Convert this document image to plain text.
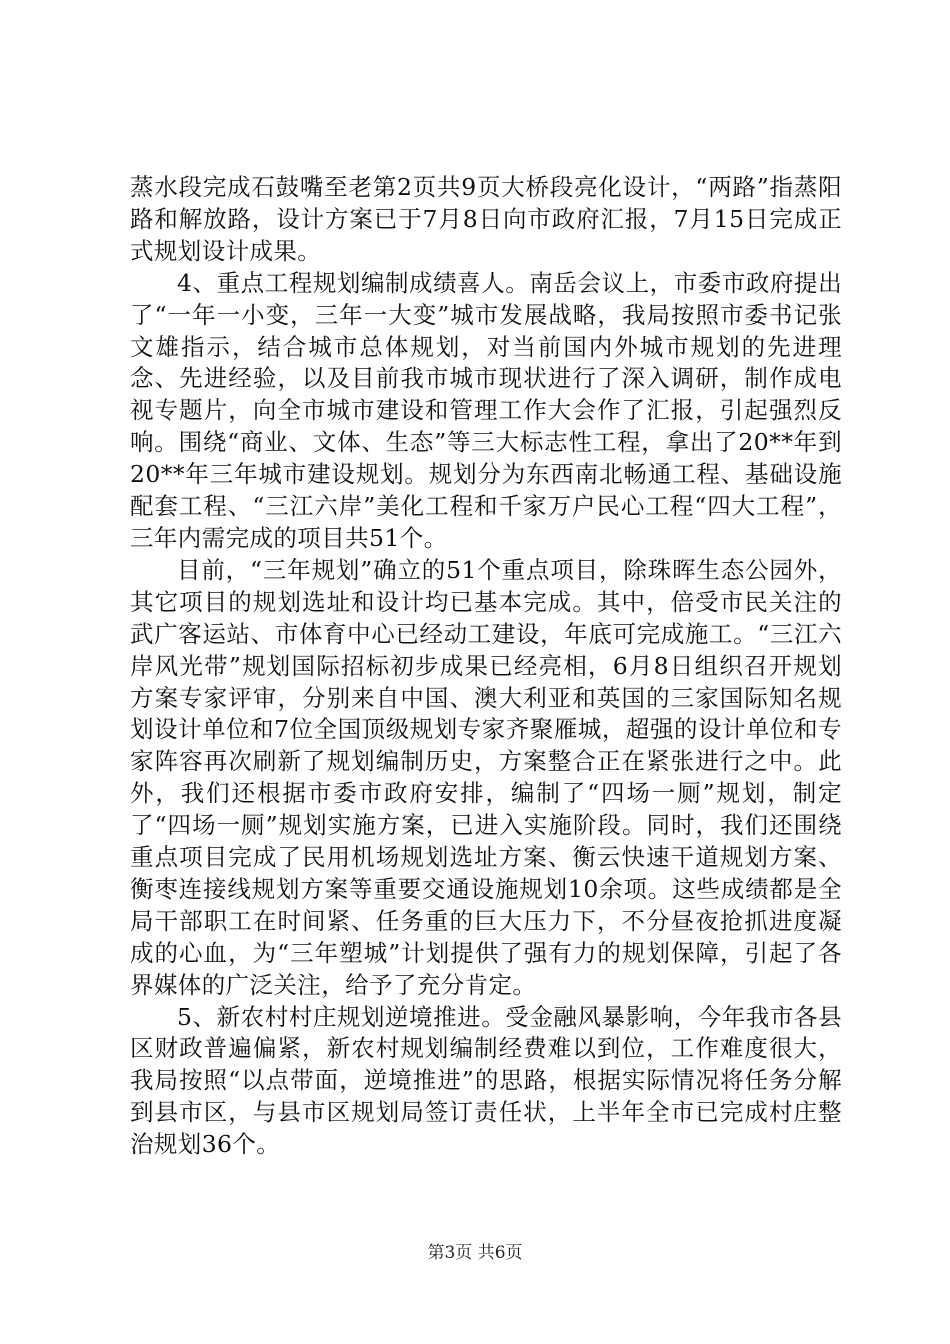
蒸水段完成石鼓嘴至老第2页共9页大桥段亮化设计，“两路”指蒸阳路和解放路，设计方案已于7月8日向市政府汇报，7月15日完成正式规划设计成果。

4、重点工程规划编制成绩喜人。南岳会议上，市委市政府提出了“一年一小变，三年一大变”城市发展战略，我局按照市委书记张文雄指示，结合城市总体规划，对当前国内外城市规划的先进理念、先进经验，以及目前我市城市现状进行了深入调研，制作成电视专题片，向全市城市建设和管理工作大会作了汇报，引起强烈反响。围绕“商业、文体、生态”等三大标志性工程，拿出了20**年到20**年三年城市建设规划。规划分为东西南北畅通工程、基础设施配套工程、“三江六岸”美化工程和千家万户民心工程“四大工程”，三年内需完成的项目共51个。

目前，“三年规划”确立的51个重点项目，除珠晖生态公园外，其它项目的规划选址和设计均已基本完成。其中，倍受市民关注的武广客运站、市体育中心已经动工建设，年底可完成施工。“三江六岸风光带”规划国际招标初步成果已经亮相，6月8日组织召开规划方案专家评审，分别来自中国、澳大利亚和英国的三家国际知名规划设计单位和7位全国顶级规划专家齐聚雁城，超强的设计单位和专家阵容再次刷新了规划编制历史，方案整合正在紧张进行之中。此外，我们还根据市委市政府安排，编制了“四场一厕”规划，制定了“四场一厕”规划实施方案，已进入实施阶段。同时，我们还围绕重点项目完成了民用机场规划选址方案、衡云快速干道规划方案、衡枣连接线规划方案等重要交通设施规划10余项。这些成绩都是全局干部职工在时间紧、任务重的巨大压力下，不分昼夜抢抓进度凝成的心血，为“三年塑城”计划提供了强有力的规划保障，引起了各界媒体的广泛关注，给予了充分肯定。

5、新农村村庄规划逆境推进。受金融风暴影响，今年我市各县区财政普遍偏紧，新农村规划编制经费难以到位，工作难度很大，我局按照“以点带面，逆境推进”的思路，根据实际情况将任务分解到县市区，与县市区规划局签订责任状，上半年全市已完成村庄整治规划36个。

第3页 共6页
